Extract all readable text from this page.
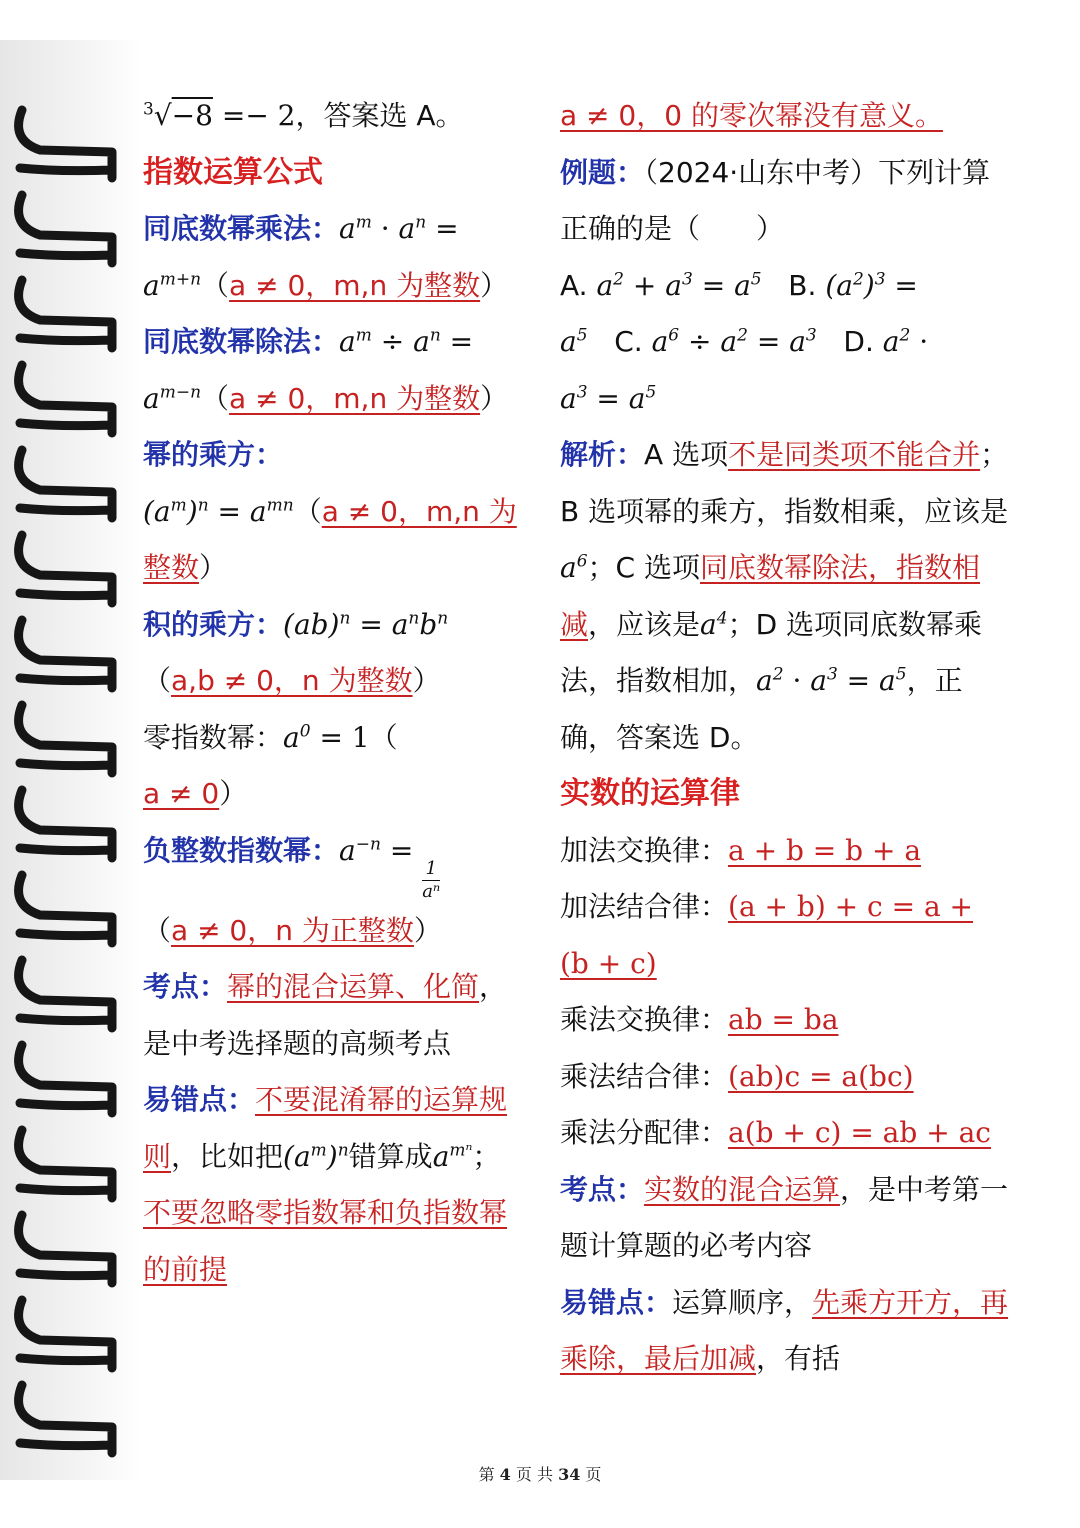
$^3$√−8 =− 2，答案选 A。

指数运算公式

同底数幂乘法：$a^m \cdot a^n$ =
$a^{m+n}(a \ne 0$，m,n 为整数）

同底数幂除法：$a^m \div a^n$ =
$a^{m-n}(a \ne 0$，m,n 为整数）

幂的乘方：
$(a^m)^n = a^{mn}(a \ne 0$，m,n 为整数）

积的乘方：$(ab)^n = a^nb^n$
（a,b ≠ 0，n 为整数）

零指数幂：$a^0 = 1$（
a ≠ 0）

负整数指数幂：$a^{-n}$ =
$\frac{1}{\text{aⁿ}}$

（a ≠ 0，n 为正整数）

考点：幂的混合运算、化简，是中考选择题的高频考点

易错点：不要混淆幂的运算规则，比如把$(a^m)^n$错算成$a^{m^n}$；不要忽略零指数幂和负指数幂的前提

a ≠ 0，0 的零次幂没有意义。

例题：（2024·山东中考）下列计算正确的是（　　）

A. $a^2 + a^3 = a^5$ B. $(a^2)^3$ =
$a^5$ C. $a^6 \div a^2 = a^3$ D. $a^2$ ·
$a^3 = a^5$

解析：A 选项不是同类项不能合并；B 选项幂的乘方，指数相乘，应该是$a^6$；C 选项同底数幂除法，指数相减，应该是$a^4$；D 选项同底数幂乘法，指数相加，$a^2 \cdot a^3 = a^5$，正确，答案选 D。

实数的运算律

加法交换律：a + b = b + a

加法结合律：(a + b) + c = a + (b + c)

乘法交换律：ab = ba

乘法结合律：(ab)c = a(bc)

乘法分配律：a(b + c) = ab + ac

考点：实数的混合运算，是中考第一题计算题的必考内容

易错点：运算顺序，先乘方开方，再乘除，最后加减，有括

第 4 页 共 34 页
